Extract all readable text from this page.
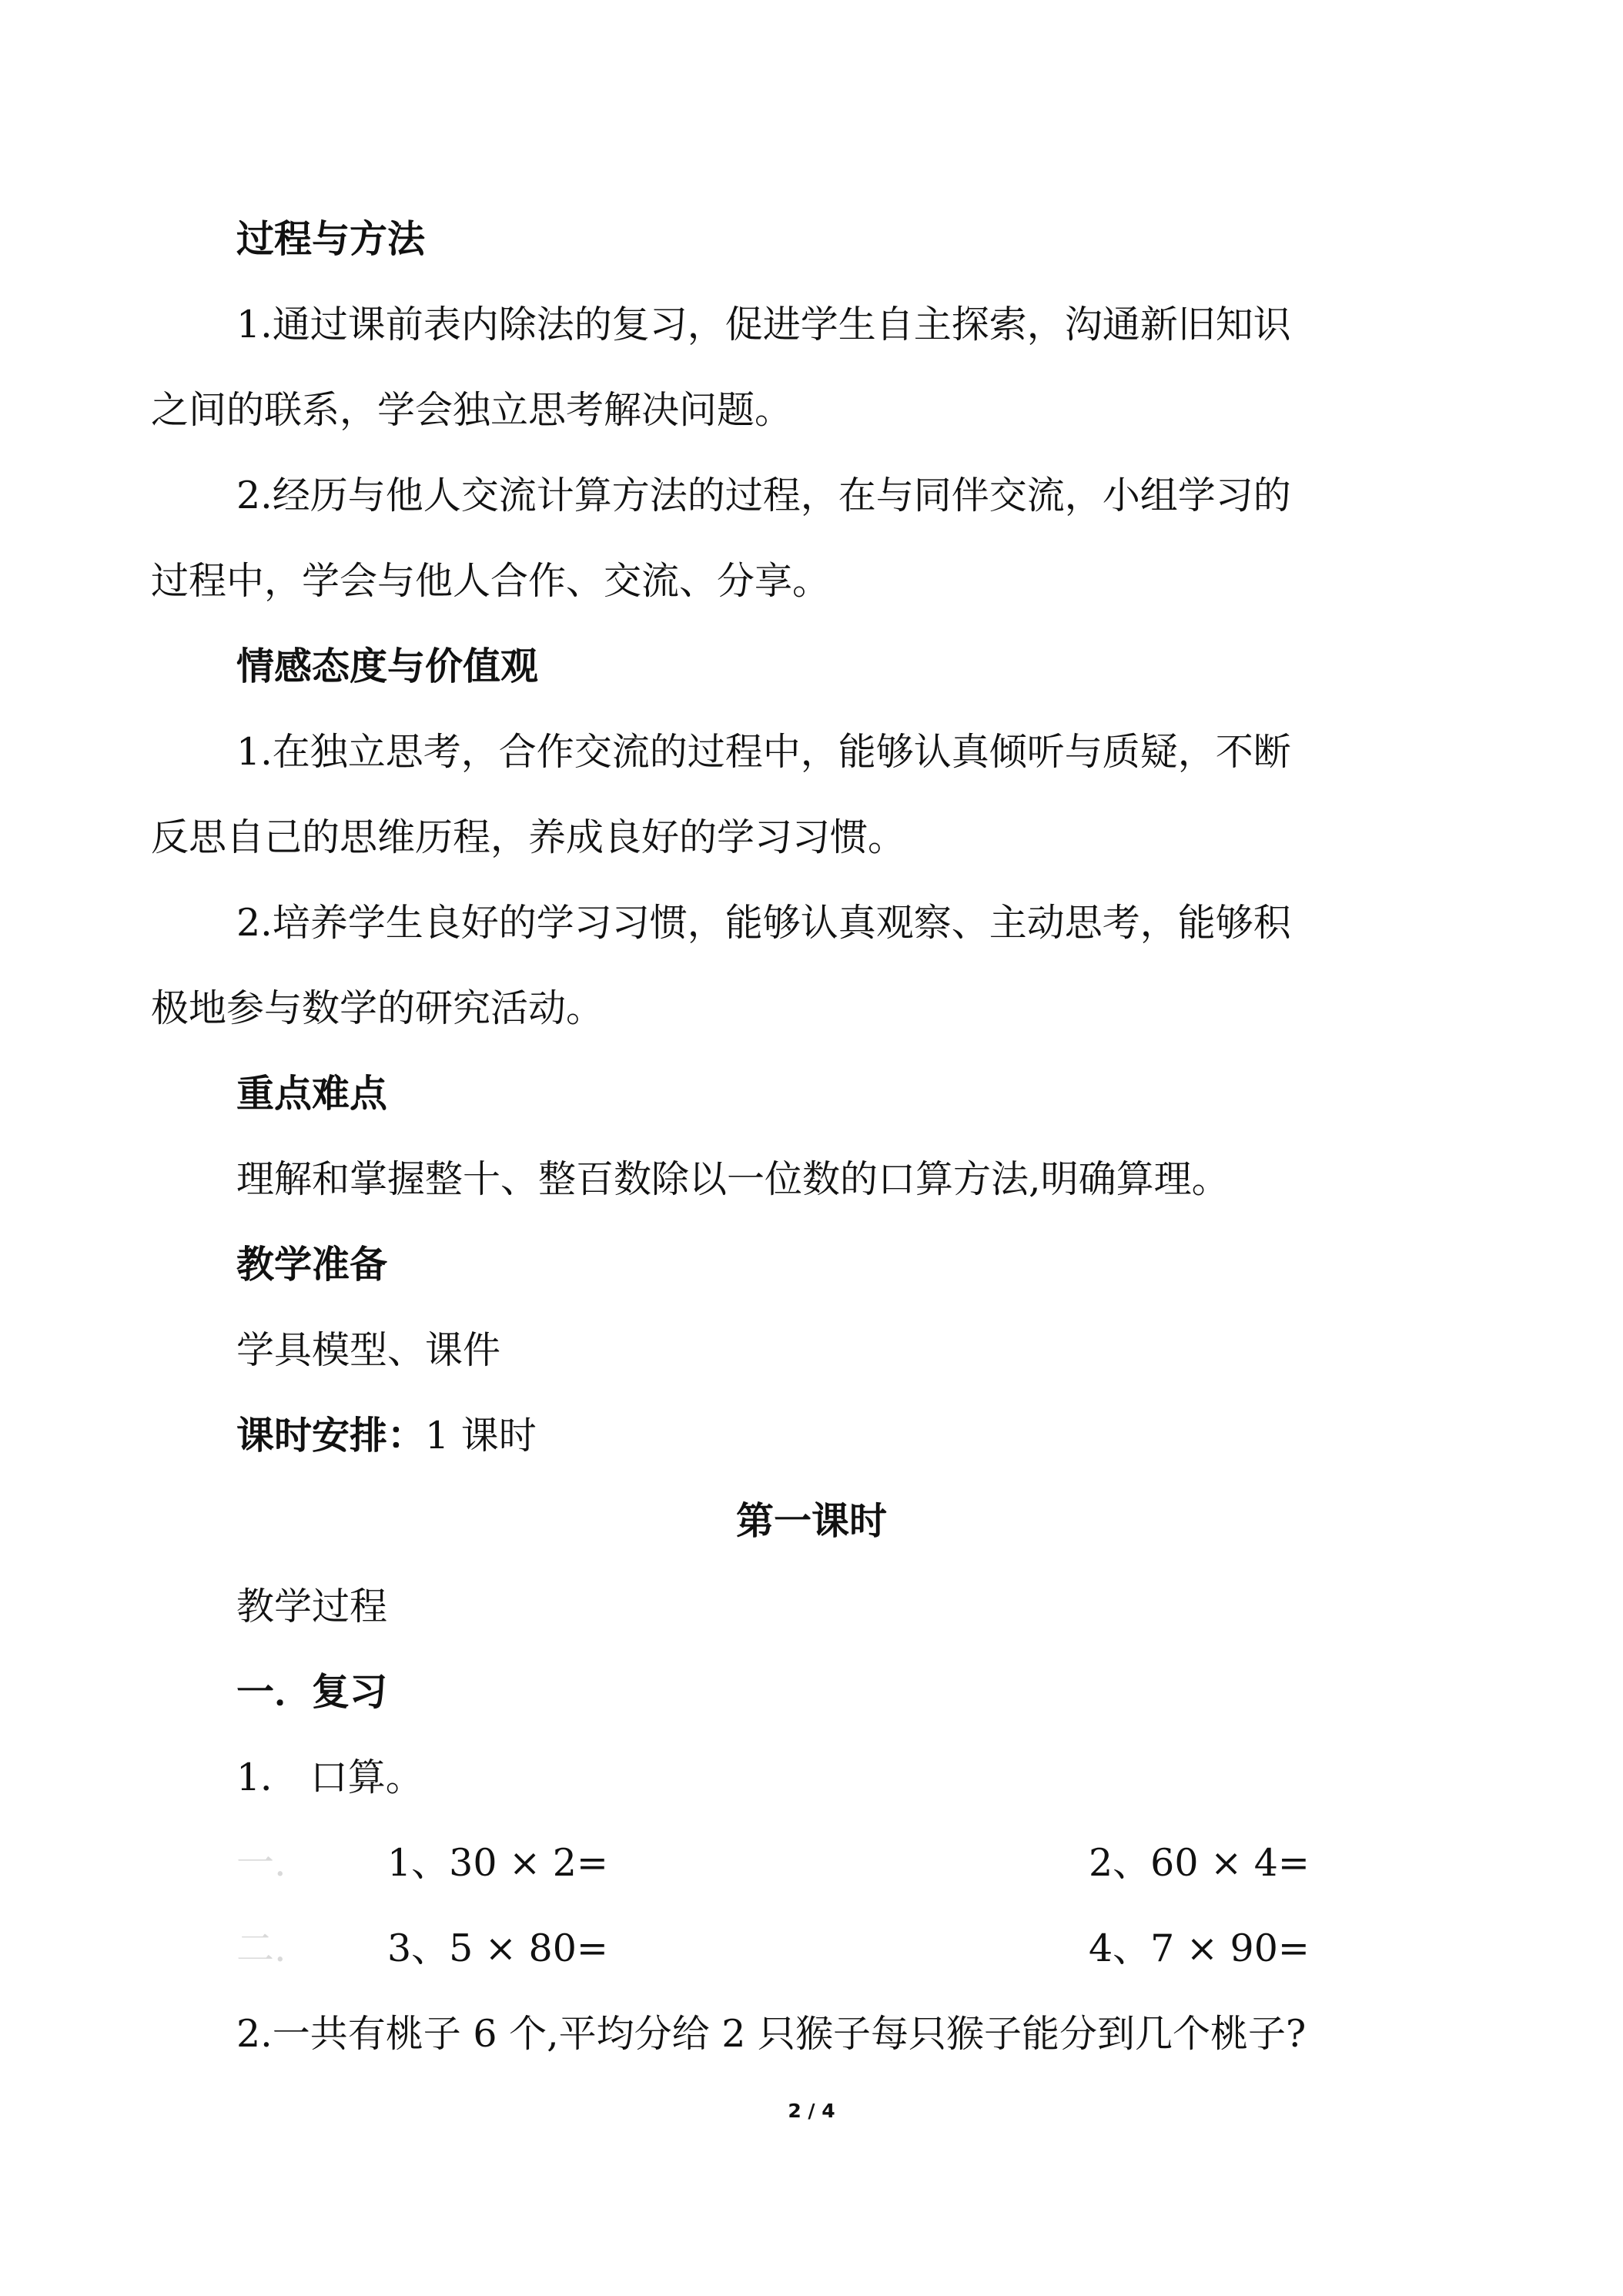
过程与方法
1.通过课前表内除法的复习，促进学生自主探索，沟通新旧知识
之间的联系，学会独立思考解决问题。
2.经历与他人交流计算方法的过程，在与同伴交流，小组学习的
过程中，学会与他人合作、交流、分享。
情感态度与价值观
1.在独立思考，合作交流的过程中，能够认真倾听与质疑，不断
反思自己的思维历程，养成良好的学习习惯。
2.培养学生良好的学习习惯，能够认真观察、主动思考，能够积
极地参与数学的研究活动。
重点难点
理解和掌握整十、整百数除以一位数的口算方法,明确算理。
教学准备
学具模型、课件
课时安排：1 课时
第一课时
教学过程
一．复习
1． 口算。
一.	1、30 × 2=	2、60 × 4=
二.	3、5 × 80=	4、7 × 90=
2.一共有桃子 6 个,平均分给 2 只猴子每只猴子能分到几个桃子?
2 / 4
